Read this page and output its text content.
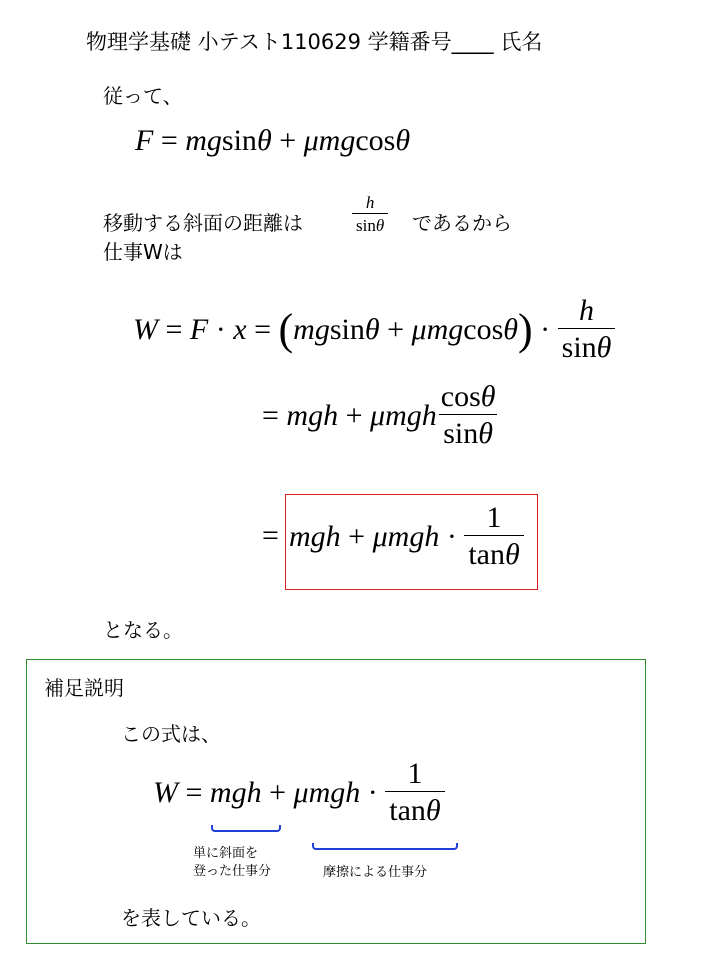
物理学基礎 小テスト110629 学籍番号____ 氏名
従って、
F = mgsinθ + μmgcosθ
移動する斜面の距離は	$\frac{h}{\sin\theta}$ であるから
仕事Wは
W
=
F
·
x
=
( mg sin θ
+
μ mg cos θ )
·
$\frac{h}{\sin\theta}$
=
mgh
+
μ mgh $\frac{\cos\theta}{\sin\theta}$
= mgh
+
μ mgh
·
$\frac{1}{\tan\theta}$
となる。
補足説明
この式は、
W
=
mgh
+
μ mgh
·
$\frac{1}{\tan\theta}$
単に斜面を
登った仕事分	摩擦による仕事分
を表している。
